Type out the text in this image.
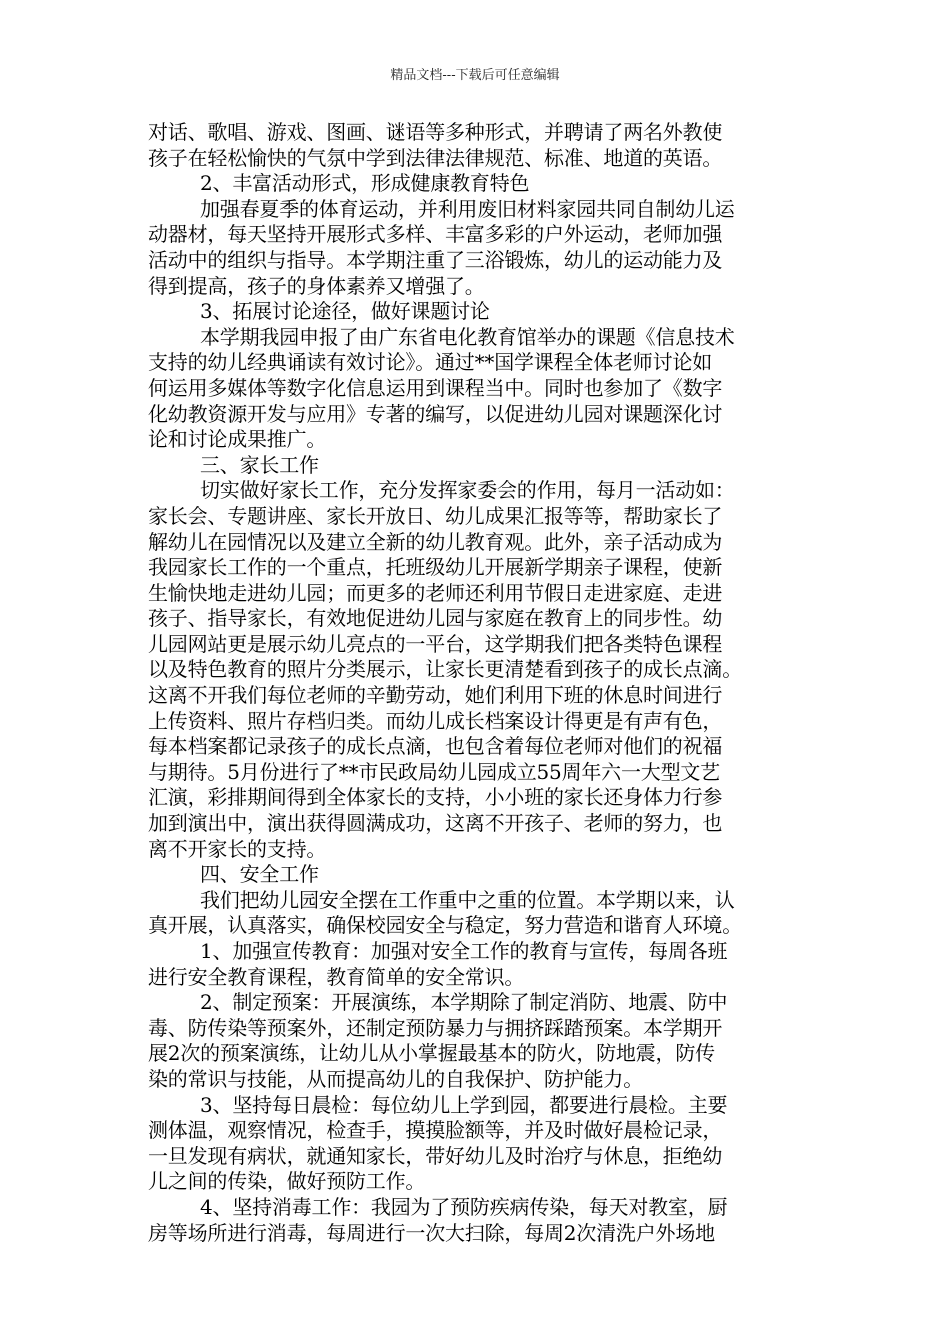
精品文档---下载后可任意编辑
对话、歌唱、游戏、图画、谜语等多种形式，并聘请了两名外教使
孩子在轻松愉快的气氛中学到法律法律规范、标准、地道的英语。
2、丰富活动形式，形成健康教育特色
加强春夏季的体育运动，并利用废旧材料家园共同自制幼儿运
动器材，每天坚持开展形式多样、丰富多彩的户外运动，老师加强
活动中的组织与指导。本学期注重了三浴锻炼，幼儿的运动能力及
得到提高，孩子的身体素养又增强了。
3、拓展讨论途径，做好课题讨论
本学期我园申报了由广东省电化教育馆举办的课题《信息技术
支持的幼儿经典诵读有效讨论》。通过**国学课程全体老师讨论如
何运用多媒体等数字化信息运用到课程当中。同时也参加了《数字
化幼教资源开发与应用》专著的编写，以促进幼儿园对课题深化讨
论和讨论成果推广。
三、家长工作
切实做好家长工作，充分发挥家委会的作用，每月一活动如：
家长会、专题讲座、家长开放日、幼儿成果汇报等等，帮助家长了
解幼儿在园情况以及建立全新的幼儿教育观。此外，亲子活动成为
我园家长工作的一个重点，托班级幼儿开展新学期亲子课程，使新
生愉快地走进幼儿园；而更多的老师还利用节假日走进家庭、走进
孩子、指导家长，有效地促进幼儿园与家庭在教育上的同步性。幼
儿园网站更是展示幼儿亮点的一平台，这学期我们把各类特色课程
以及特色教育的照片分类展示，让家长更清楚看到孩子的成长点滴。
这离不开我们每位老师的辛勤劳动，她们利用下班的休息时间进行
上传资料、照片存档归类。而幼儿成长档案设计得更是有声有色，
每本档案都记录孩子的成长点滴，也包含着每位老师对他们的祝福
与期待。5月份进行了**市民政局幼儿园成立55周年六一大型文艺
汇演，彩排期间得到全体家长的支持，小小班的家长还身体力行参
加到演出中，演出获得圆满成功，这离不开孩子、老师的努力，也
离不开家长的支持。
四、安全工作
我们把幼儿园安全摆在工作重中之重的位置。本学期以来，认
真开展，认真落实，确保校园安全与稳定，努力营造和谐育人环境。
1、加强宣传教育：加强对安全工作的教育与宣传，每周各班
进行安全教育课程，教育简单的安全常识。
2、制定预案：开展演练，本学期除了制定消防、地震、防中
毒、防传染等预案外，还制定预防暴力与拥挤踩踏预案。本学期开
展2次的预案演练，让幼儿从小掌握最基本的防火，防地震，防传
染的常识与技能，从而提高幼儿的自我保护、防护能力。
3、坚持每日晨检：每位幼儿上学到园，都要进行晨检。主要
测体温，观察情况，检查手，摸摸脸额等，并及时做好晨检记录，
一旦发现有病状，就通知家长，带好幼儿及时治疗与休息，拒绝幼
儿之间的传染，做好预防工作。
4、坚持消毒工作：我园为了预防疾病传染，每天对教室，厨
房等场所进行消毒，每周进行一次大扫除，每周2次清洗户外场地
